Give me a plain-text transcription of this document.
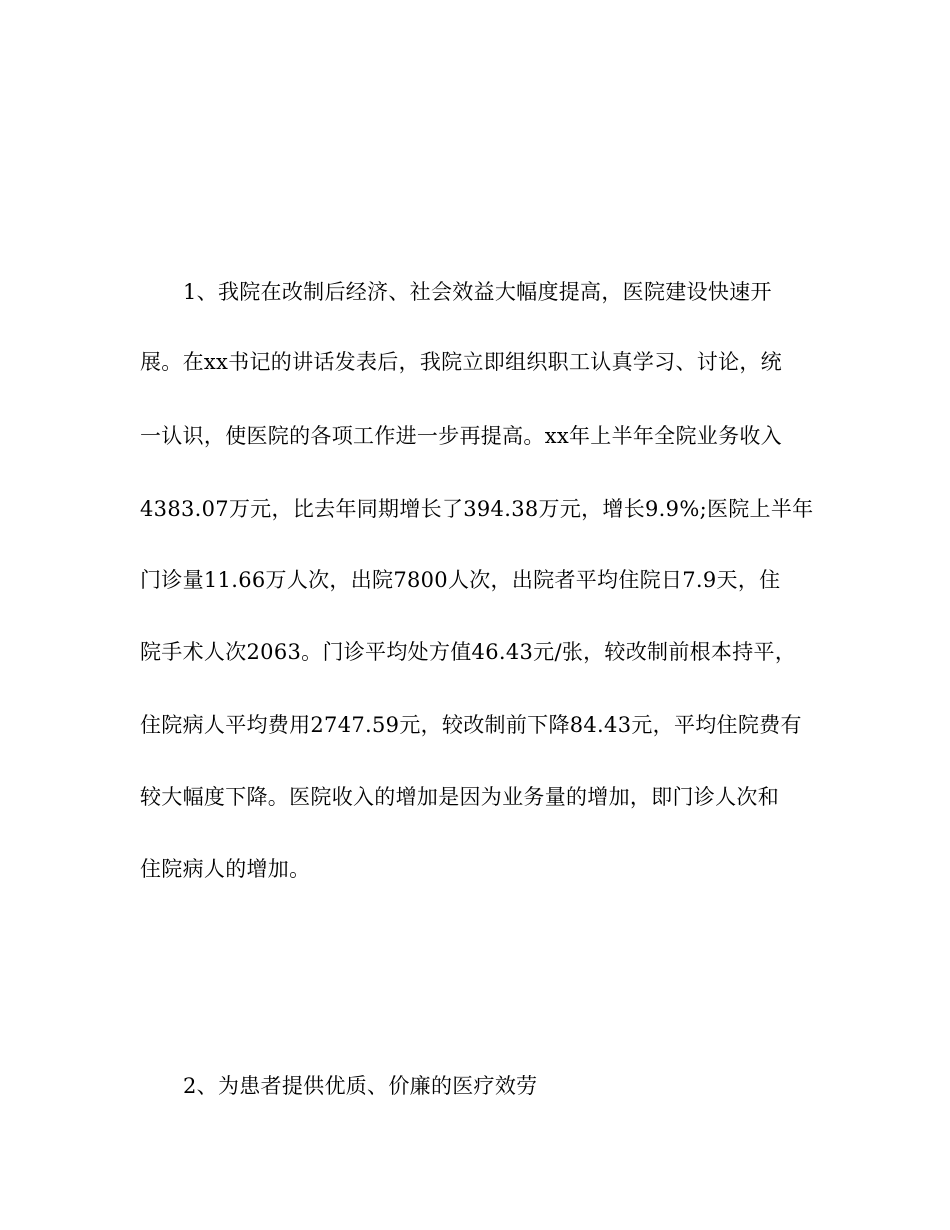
1、我院在改制后经济、社会效益大幅度提高，医院建设快速开
展。在xx书记的讲话发表后，我院立即组织职工认真学习、讨论，统
一认识，使医院的各项工作进一步再提高。xx年上半年全院业务收入
4383.07万元，比去年同期增长了394.38万元，增长9.9%;医院上半年
门诊量11.66万人次，出院7800人次，出院者平均住院日7.9天，住
院手术人次2063。门诊平均处方值46.43元/张，较改制前根本持平，
住院病人平均费用2747.59元，较改制前下降84.43元，平均住院费有
较大幅度下降。医院收入的增加是因为业务量的增加，即门诊人次和
住院病人的增加。
2、为患者提供优质、价廉的医疗效劳
